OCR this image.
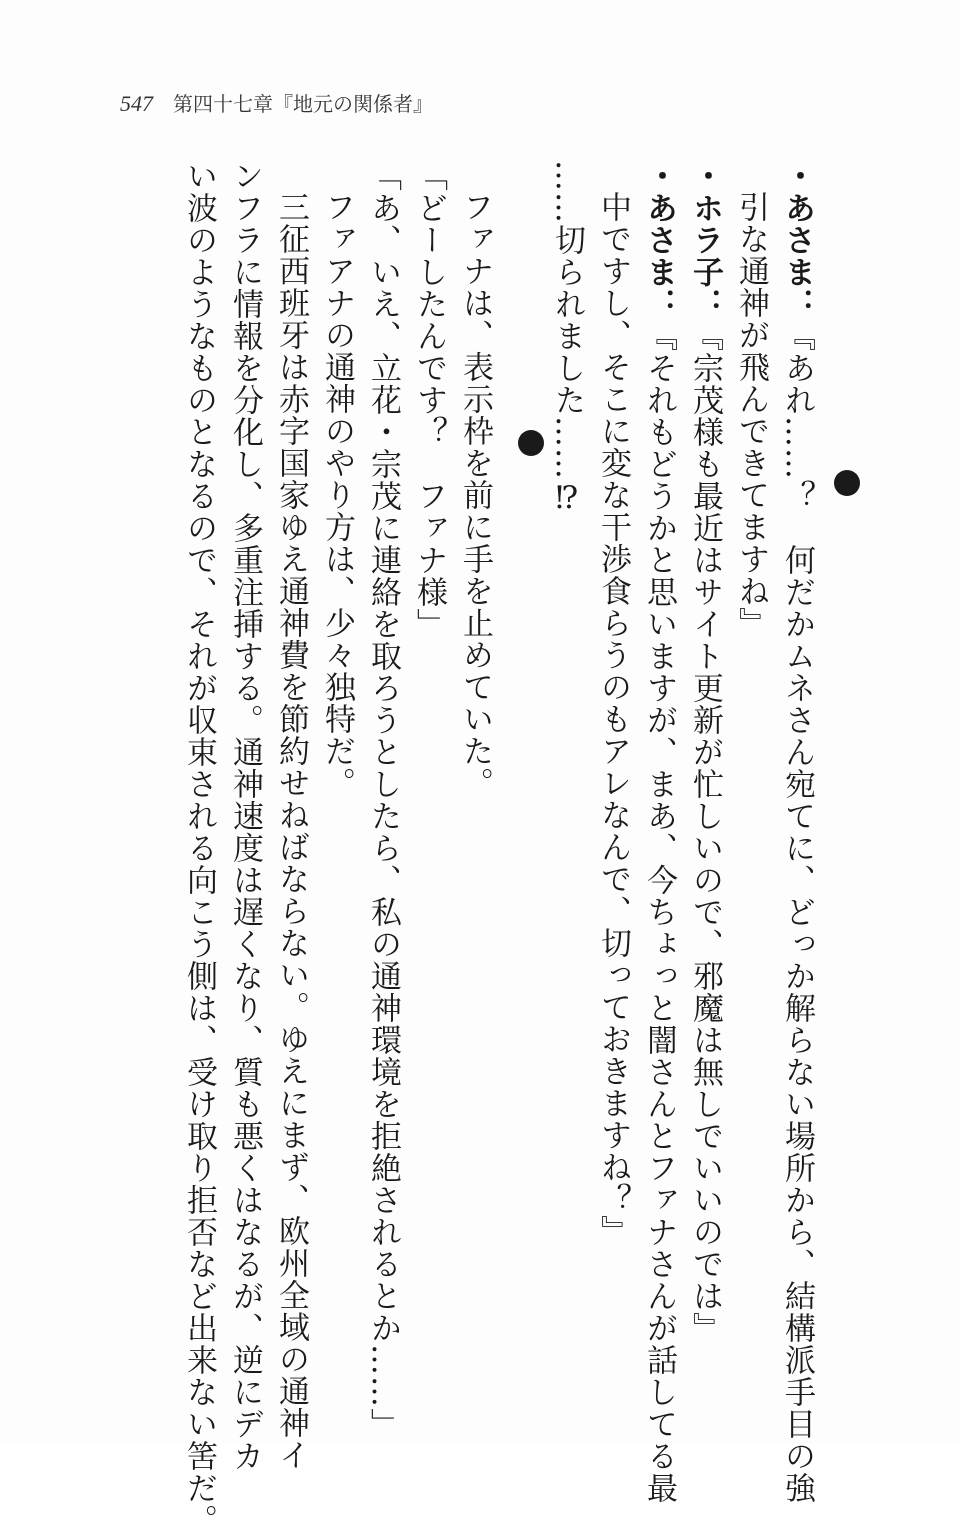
547 第四十七章『地元の関係者』
・あさま：『あれ……？　何だかムネさん宛てに、どっか解らない場所から、結構派手目の強
引な通神が飛んできてますね』
・ホラ子：『宗茂様も最近はサイト更新が忙しいので、邪魔は無しでいいのでは』
・あさま：『それもどうかと思いますが、まあ、今ちょっと闇さんとファナさんが話してる最
中ですし、そこに変な干渉食らうのもアレなんで、切っておきますね？』
……切られました……⁉
ファナは、表示枠を前に手を止めていた。
「どーしたんです？　ファナ様」
「あ、いえ、立花・宗茂に連絡を取ろうとしたら、私の通神環境を拒絶されるとか……」
ファアナの通神のやり方は、少々独特だ。
三征西班牙は赤字国家ゆえ通神費を節約せねばならない。ゆえにまず、欧州全域の通神イ
ンフラに情報を分化し、多重注挿する。通神速度は遅くなり、質も悪くはなるが、逆にデカ
い波のようなものとなるので、それが収束される向こう側は、受け取り拒否など出来ない筈だ。
